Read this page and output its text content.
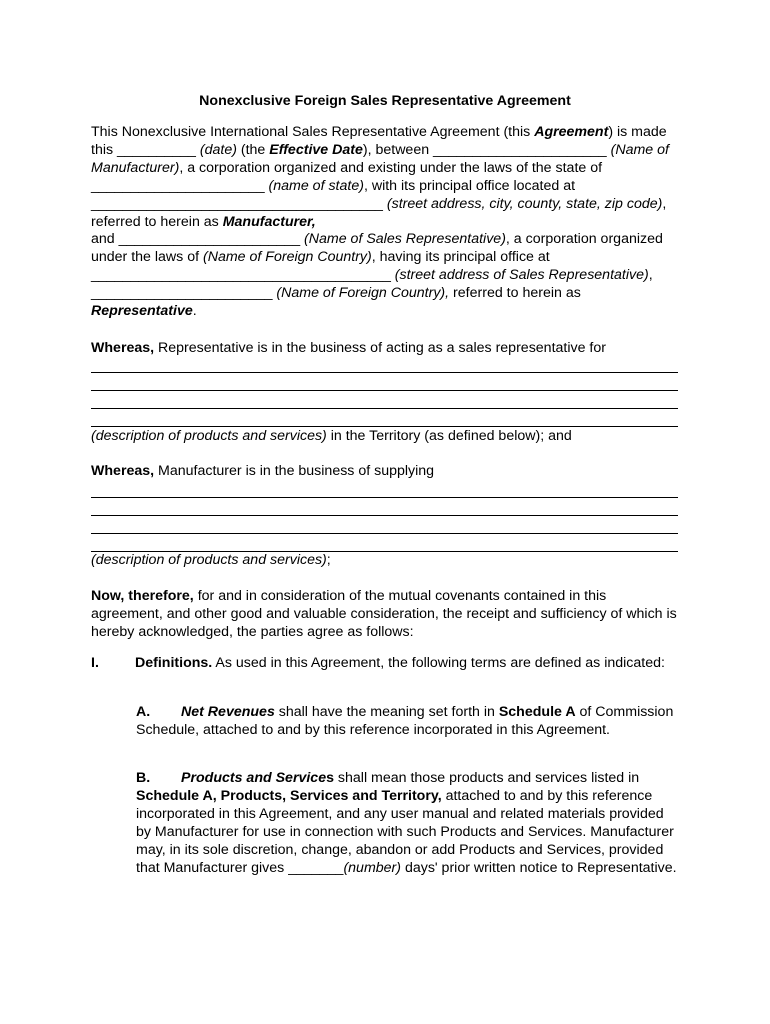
Nonexclusive Foreign Sales Representative Agreement
This Nonexclusive International Sales Representative Agreement (this Agreement) is made this __________ (date) (the Effective Date), between ______________________ (Name of Manufacturer), a corporation organized and existing under the laws of the state of ______________________ (name of state), with its principal office located at _____________________________________ (street address, city, county, state, zip code), referred to herein as Manufacturer,
and _______________________ (Name of Sales Representative), a corporation organized under the laws of (Name of Foreign Country), having its principal office at ______________________________________ (street address of Sales Representative), _______________________ (Name of Foreign Country), referred to herein as Representative.
Whereas, Representative is in the business of acting as a sales representative for
(description of products and services) in the Territory (as defined below); and
Whereas, Manufacturer is in the business of supplying
(description of products and services);
Now, therefore, for and in consideration of the mutual covenants contained in this agreement, and other good and valuable consideration, the receipt and sufficiency of which is hereby acknowledged, the parties agree as follows:
I.	Definitions. As used in this Agreement, the following terms are defined as indicated:
A. Net Revenues shall have the meaning set forth in Schedule A of Commission Schedule, attached to and by this reference incorporated in this Agreement.
B. Products and Services shall mean those products and services listed in Schedule A, Products, Services and Territory, attached to and by this reference incorporated in this Agreement, and any user manual and related materials provided by Manufacturer for use in connection with such Products and Services. Manufacturer may, in its sole discretion, change, abandon or add Products and Services, provided that Manufacturer gives _______(number) days' prior written notice to Representative.
